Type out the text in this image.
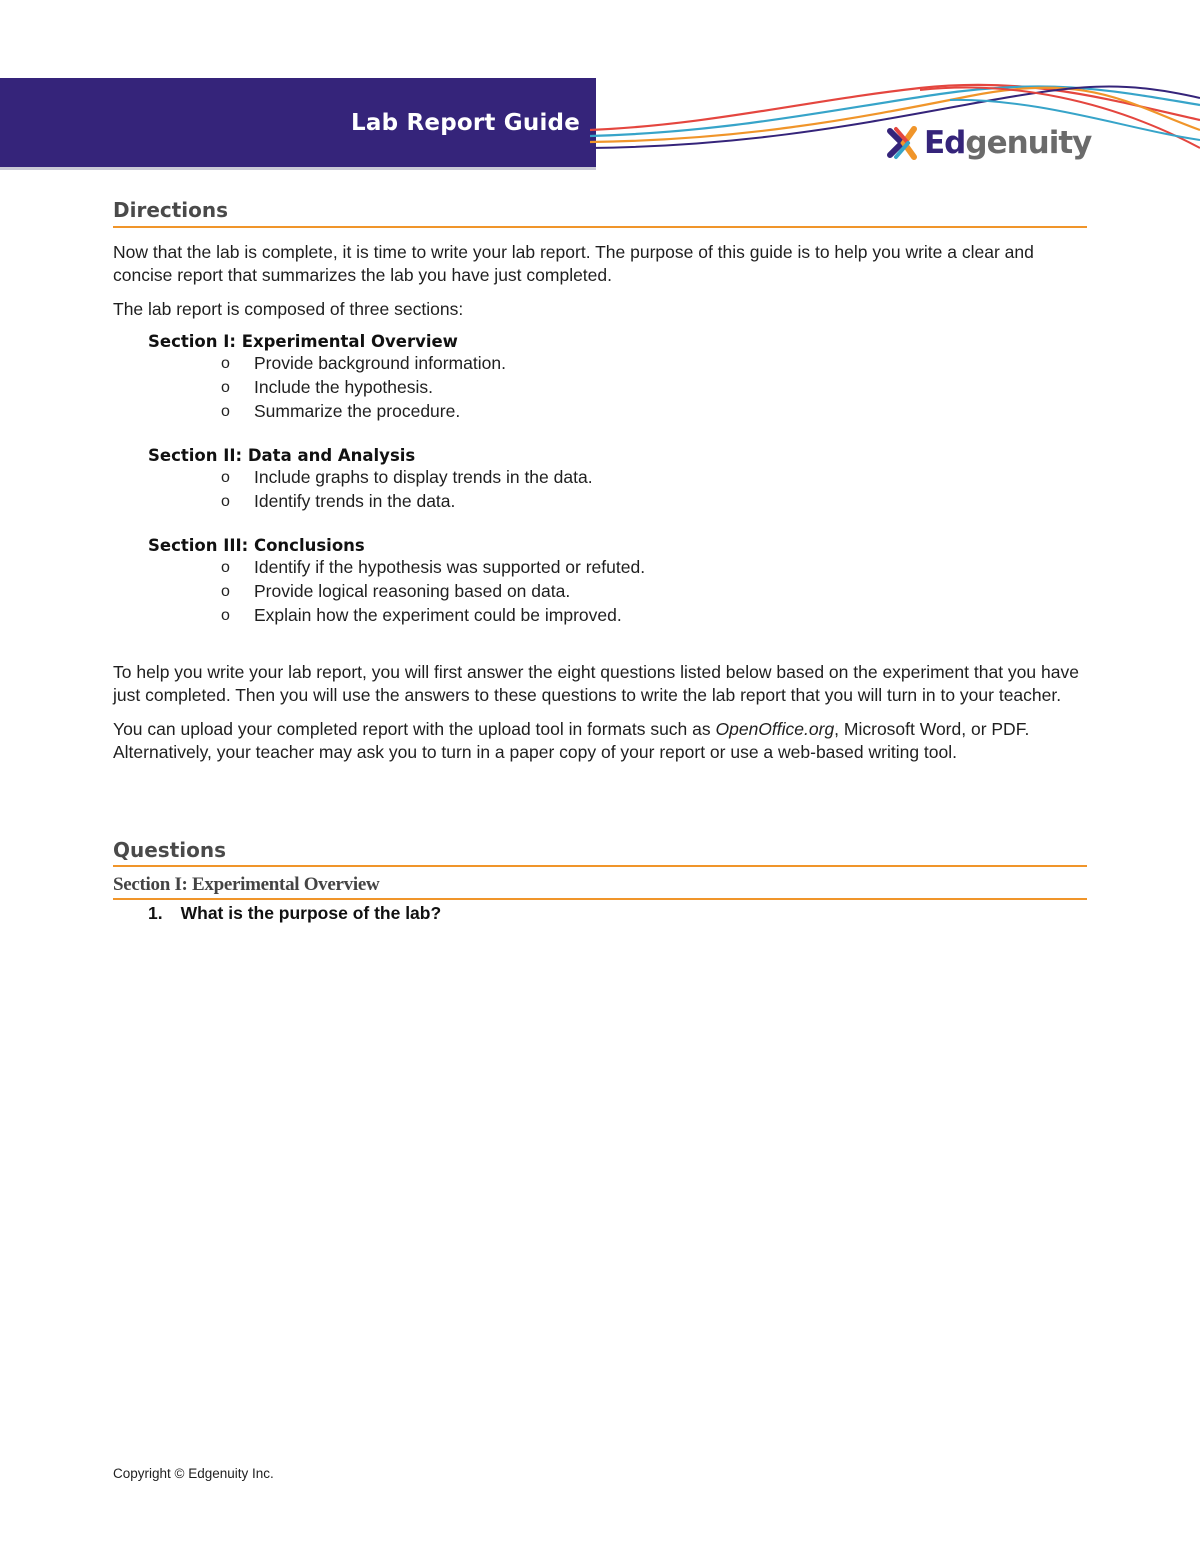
Lab Report Guide
Edgenuity
Directions

Now that the lab is complete, it is time to write your lab report. The purpose of this guide is to help you write a clear and concise report that summarizes the lab you have just completed.

The lab report is composed of three sections:

Section I: Experimental Overview

o Provide background information.
o Include the hypothesis.
o Summarize the procedure.

Section II: Data and Analysis

o Include graphs to display trends in the data.
o Identify trends in the data.

Section III: Conclusions

o Identify if the hypothesis was supported or refuted.
o Provide logical reasoning based on data.
o Explain how the experiment could be improved.

To help you write your lab report, you will first answer the eight questions listed below based on the experiment that you have just completed. Then you will use the answers to these questions to write the lab report that you will turn in to your teacher.

You can upload your completed report with the upload tool in formats such as OpenOffice.org, Microsoft Word, or PDF. Alternatively, your teacher may ask you to turn in a paper copy of your report or use a web-based writing tool.

Questions
Section I: Experimental Overview
1. What is the purpose of the lab?
Copyright © Edgenuity Inc.
